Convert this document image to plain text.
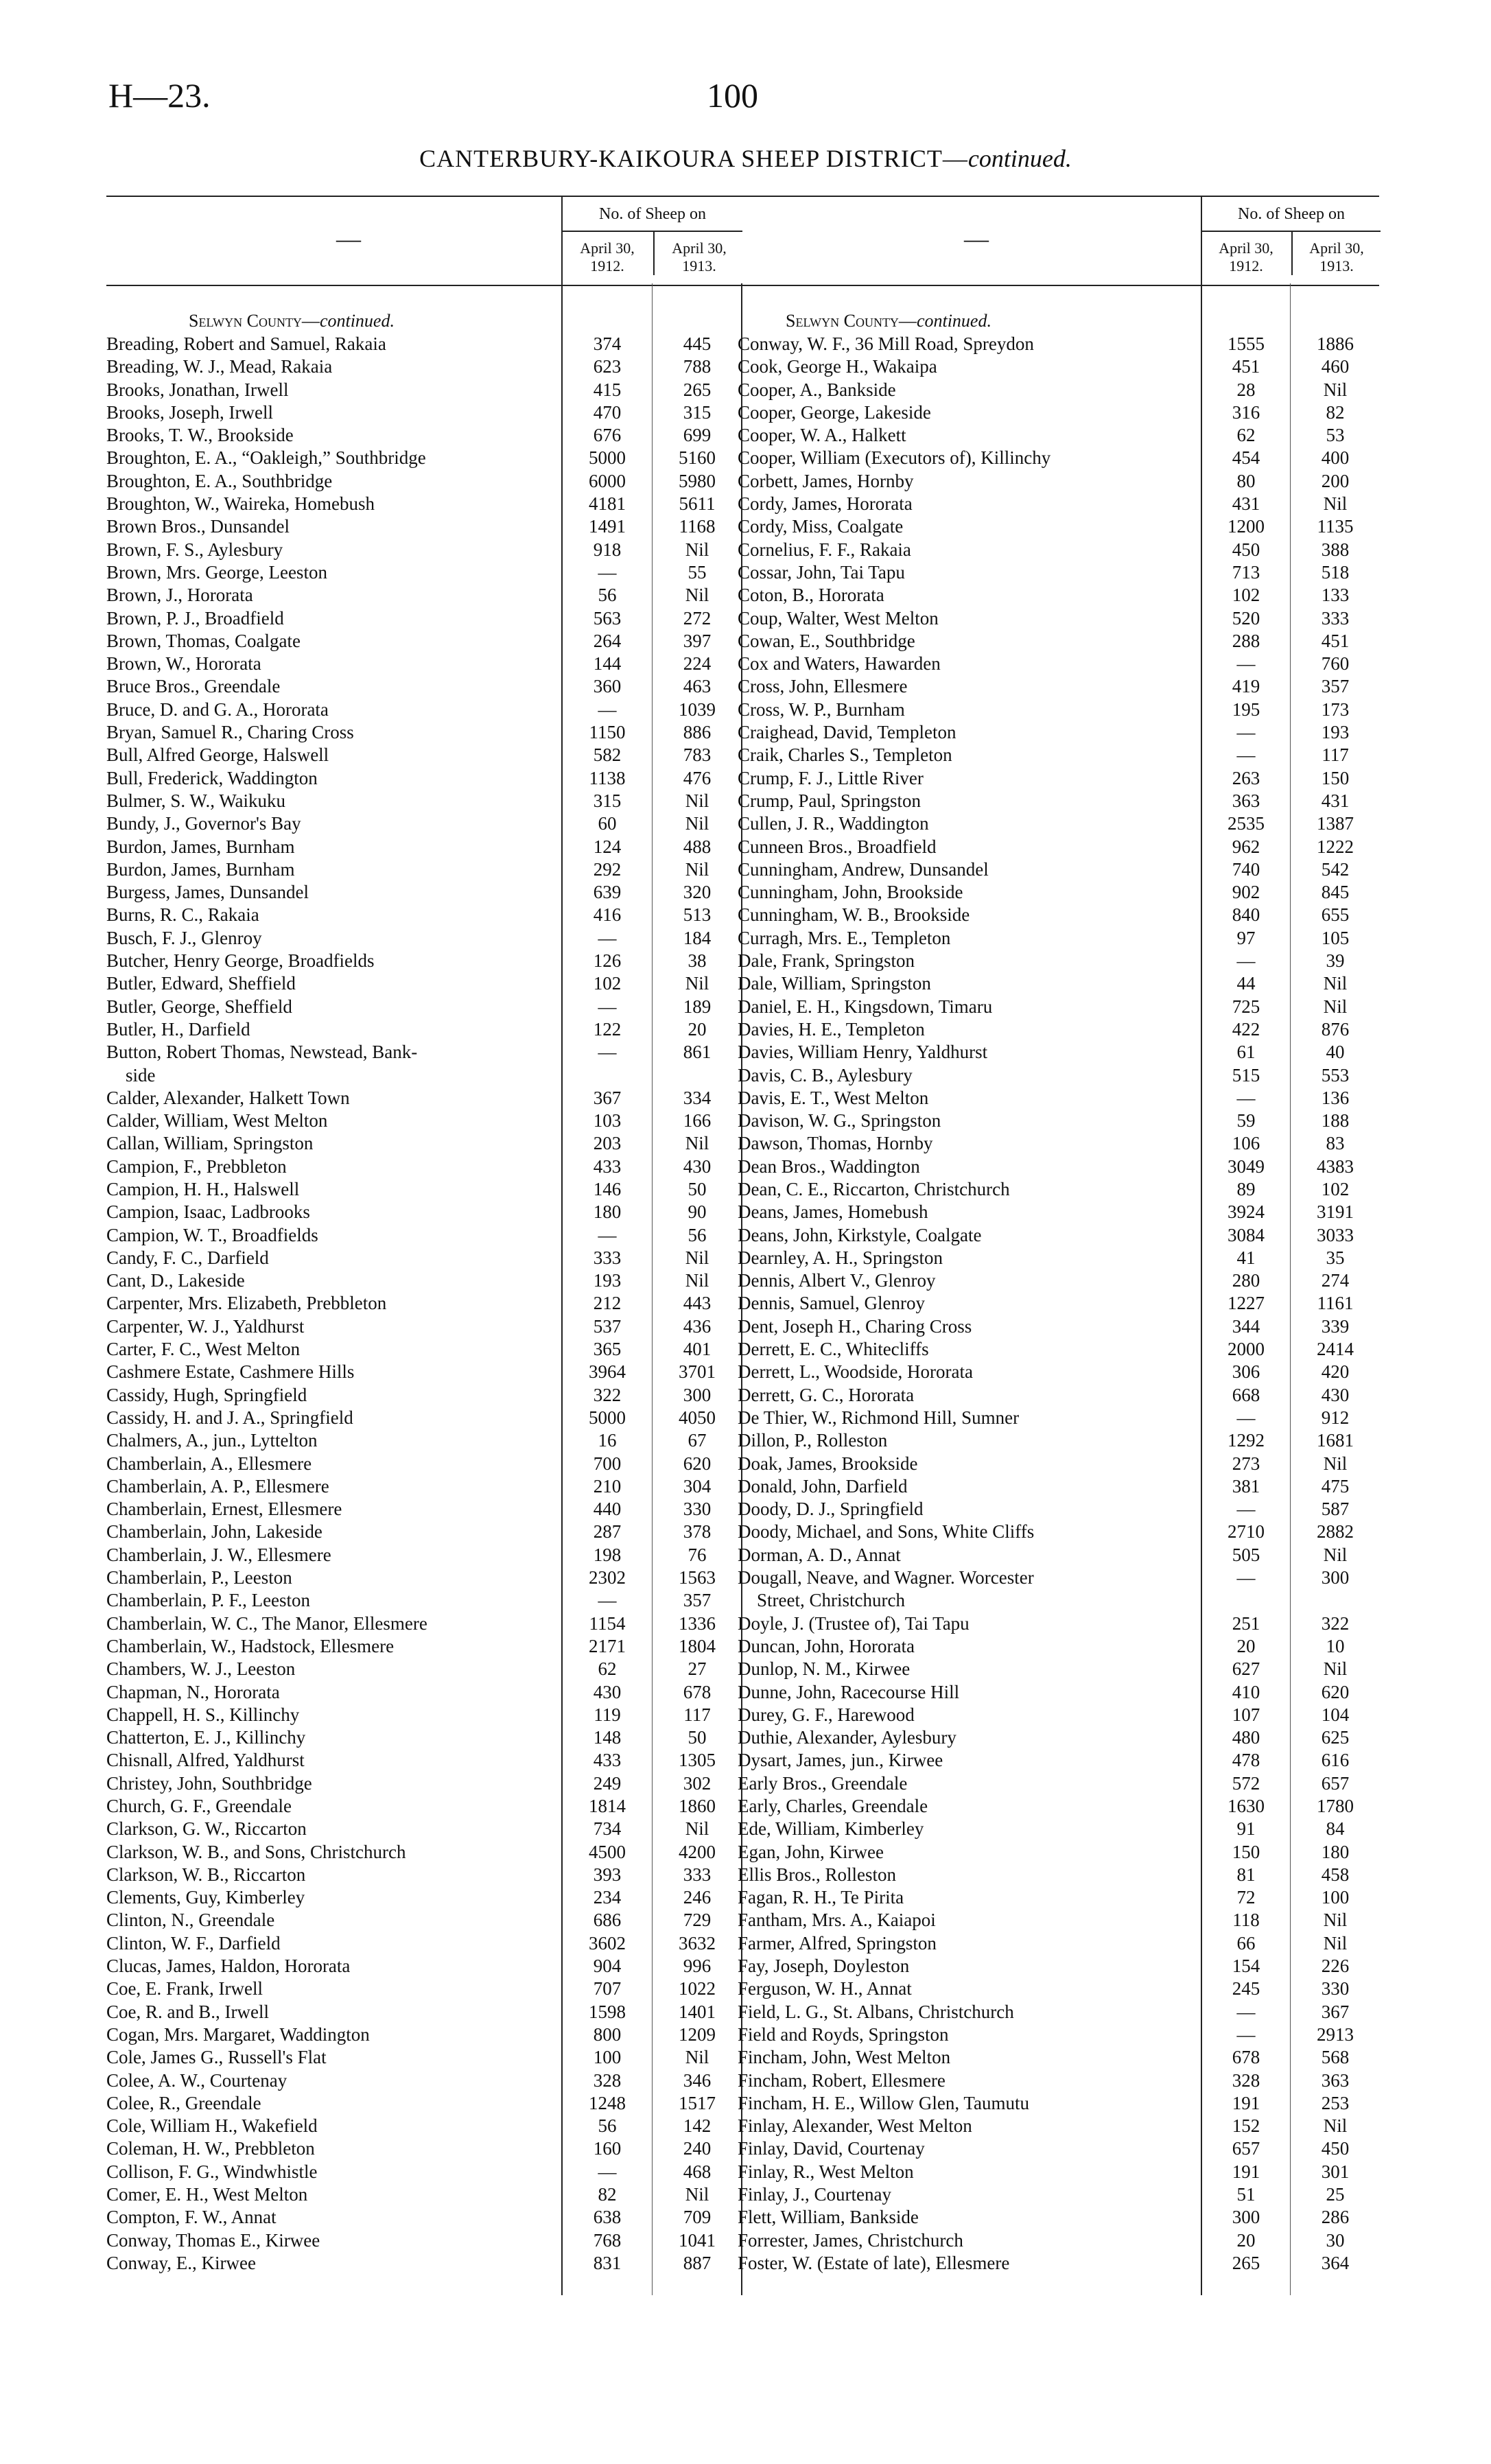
H—23.	100
CANTERBURY-KAIKOURA SHEEP DISTRICT—continued.
—
No. of Sheep on
April 30, 1912.
April 30, 1913.
Selwyn County—continued.
Breading, Robert and Samuel, Rakaia	374	445
Breading, W. J., Mead, Rakaia	623	788
Brooks, Jonathan, Irwell	415	265
Brooks, Joseph, Irwell	470	315
Brooks, T. W., Brookside	676	699
Broughton, E. A., “Oakleigh,” Southbridge	5000	5160
Broughton, E. A., Southbridge	6000	5980
Broughton, W., Waireka, Homebush	4181	5611
Brown Bros., Dunsandel	1491	1168
Brown, F. S., Aylesbury	918	Nil
Brown, Mrs. George, Leeston	—	55
Brown, J., Hororata	56	Nil
Brown, P. J., Broadfield	563	272
Brown, Thomas, Coalgate	264	397
Brown, W., Hororata	144	224
Bruce Bros., Greendale	360	463
Bruce, D. and G. A., Hororata	—	1039
Bryan, Samuel R., Charing Cross	1150	886
Bull, Alfred George, Halswell	582	783
Bull, Frederick, Waddington	1138	476
Bulmer, S. W., Waikuku	315	Nil
Bundy, J., Governor's Bay	60	Nil
Burdon, James, Burnham	124	488
Burdon, James, Burnham	292	Nil
Burgess, James, Dunsandel	639	320
Burns, R. C., Rakaia	416	513
Busch, F. J., Glenroy	—	184
Butcher, Henry George, Broadfields	126	38
Butler, Edward, Sheffield	102	Nil
Butler, George, Sheffield	—	189
Butler, H., Darfield	122	20
Button, Robert Thomas, Newstead, Bank-	—	861
side
Calder, Alexander, Halkett Town	367	334
Calder, William, West Melton	103	166
Callan, William, Springston	203	Nil
Campion, F., Prebbleton	433	430
Campion, H. H., Halswell	146	50
Campion, Isaac, Ladbrooks	180	90
Campion, W. T., Broadfields	—	56
Candy, F. C., Darfield	333	Nil
Cant, D., Lakeside	193	Nil
Carpenter, Mrs. Elizabeth, Prebbleton	212	443
Carpenter, W. J., Yaldhurst	537	436
Carter, F. C., West Melton	365	401
Cashmere Estate, Cashmere Hills	3964	3701
Cassidy, Hugh, Springfield	322	300
Cassidy, H. and J. A., Springfield	5000	4050
Chalmers, A., jun., Lyttelton	16	67
Chamberlain, A., Ellesmere	700	620
Chamberlain, A. P., Ellesmere	210	304
Chamberlain, Ernest, Ellesmere	440	330
Chamberlain, John, Lakeside	287	378
Chamberlain, J. W., Ellesmere	198	76
Chamberlain, P., Leeston	2302	1563
Chamberlain, P. F., Leeston	—	357
Chamberlain, W. C., The Manor, Ellesmere	1154	1336
Chamberlain, W., Hadstock, Ellesmere	2171	1804
Chambers, W. J., Leeston	62	27
Chapman, N., Hororata	430	678
Chappell, H. S., Killinchy	119	117
Chatterton, E. J., Killinchy	148	50
Chisnall, Alfred, Yaldhurst	433	1305
Christey, John, Southbridge	249	302
Church, G. F., Greendale	1814	1860
Clarkson, G. W., Riccarton	734	Nil
Clarkson, W. B., and Sons, Christchurch	4500	4200
Clarkson, W. B., Riccarton	393	333
Clements, Guy, Kimberley	234	246
Clinton, N., Greendale	686	729
Clinton, W. F., Darfield	3602	3632
Clucas, James, Haldon, Hororata	904	996
Coe, E. Frank, Irwell	707	1022
Coe, R. and B., Irwell	1598	1401
Cogan, Mrs. Margaret, Waddington	800	1209
Cole, James G., Russell's Flat	100	Nil
Colee, A. W., Courtenay	328	346
Colee, R., Greendale	1248	1517
Cole, William H., Wakefield	56	142
Coleman, H. W., Prebbleton	160	240
Collison, F. G., Windwhistle	—	468
Comer, E. H., West Melton	82	Nil
Compton, F. W., Annat	638	709
Conway, Thomas E., Kirwee	768	1041
Conway, E., Kirwee	831	887
—
No. of Sheep on
April 30, 1912.
April 30, 1913.
Selwyn County—continued.
Conway, W. F., 36 Mill Road, Spreydon	1555	1886
Cook, George H., Wakaipa	451	460
Cooper, A., Bankside	28	Nil
Cooper, George, Lakeside	316	82
Cooper, W. A., Halkett	62	53
Cooper, William (Executors of), Killinchy	454	400
Corbett, James, Hornby	80	200
Cordy, James, Hororata	431	Nil
Cordy, Miss, Coalgate	1200	1135
Cornelius, F. F., Rakaia	450	388
Cossar, John, Tai Tapu	713	518
Coton, B., Hororata	102	133
Coup, Walter, West Melton	520	333
Cowan, E., Southbridge	288	451
Cox and Waters, Hawarden	—	760
Cross, John, Ellesmere	419	357
Cross, W. P., Burnham	195	173
Craighead, David, Templeton	—	193
Craik, Charles S., Templeton	—	117
Crump, F. J., Little River	263	150
Crump, Paul, Springston	363	431
Cullen, J. R., Waddington	2535	1387
Cunneen Bros., Broadfield	962	1222
Cunningham, Andrew, Dunsandel	740	542
Cunningham, John, Brookside	902	845
Cunningham, W. B., Brookside	840	655
Curragh, Mrs. E., Templeton	97	105
Dale, Frank, Springston	—	39
Dale, William, Springston	44	Nil
Daniel, E. H., Kingsdown, Timaru	725	Nil
Davies, H. E., Templeton	422	876
Davies, William Henry, Yaldhurst	61	40
Davis, C. B., Aylesbury	515	553
Davis, E. T., West Melton	—	136
Davison, W. G., Springston	59	188
Dawson, Thomas, Hornby	106	83
Dean Bros., Waddington	3049	4383
Dean, C. E., Riccarton, Christchurch	89	102
Deans, James, Homebush	3924	3191
Deans, John, Kirkstyle, Coalgate	3084	3033
Dearnley, A. H., Springston	41	35
Dennis, Albert V., Glenroy	280	274
Dennis, Samuel, Glenroy	1227	1161
Dent, Joseph H., Charing Cross	344	339
Derrett, E. C., Whitecliffs	2000	2414
Derrett, L., Woodside, Hororata	306	420
Derrett, G. C., Hororata	668	430
De Thier, W., Richmond Hill, Sumner	—	912
Dillon, P., Rolleston	1292	1681
Doak, James, Brookside	273	Nil
Donald, John, Darfield	381	475
Doody, D. J., Springfield	—	587
Doody, Michael, and Sons, White Cliffs	2710	2882
Dorman, A. D., Annat	505	Nil
Dougall, Neave, and Wagner. Worcester	—	300
Street, Christchurch
Doyle, J. (Trustee of), Tai Tapu	251	322
Duncan, John, Hororata	20	10
Dunlop, N. M., Kirwee	627	Nil
Dunne, John, Racecourse Hill	410	620
Durey, G. F., Harewood	107	104
Duthie, Alexander, Aylesbury	480	625
Dysart, James, jun., Kirwee	478	616
Early Bros., Greendale	572	657
Early, Charles, Greendale	1630	1780
Ede, William, Kimberley	91	84
Egan, John, Kirwee	150	180
Ellis Bros., Rolleston	81	458
Fagan, R. H., Te Pirita	72	100
Fantham, Mrs. A., Kaiapoi	118	Nil
Farmer, Alfred, Springston	66	Nil
Fay, Joseph, Doyleston	154	226
Ferguson, W. H., Annat	245	330
Field, L. G., St. Albans, Christchurch	—	367
Field and Royds, Springston	—	2913
Fincham, John, West Melton	678	568
Fincham, Robert, Ellesmere	328	363
Fincham, H. E., Willow Glen, Taumutu	191	253
Finlay, Alexander, West Melton	152	Nil
Finlay, David, Courtenay	657	450
Finlay, R., West Melton	191	301
Finlay, J., Courtenay	51	25
Flett, William, Bankside	300	286
Forrester, James, Christchurch	20	30
Foster, W. (Estate of late), Ellesmere	265	364
